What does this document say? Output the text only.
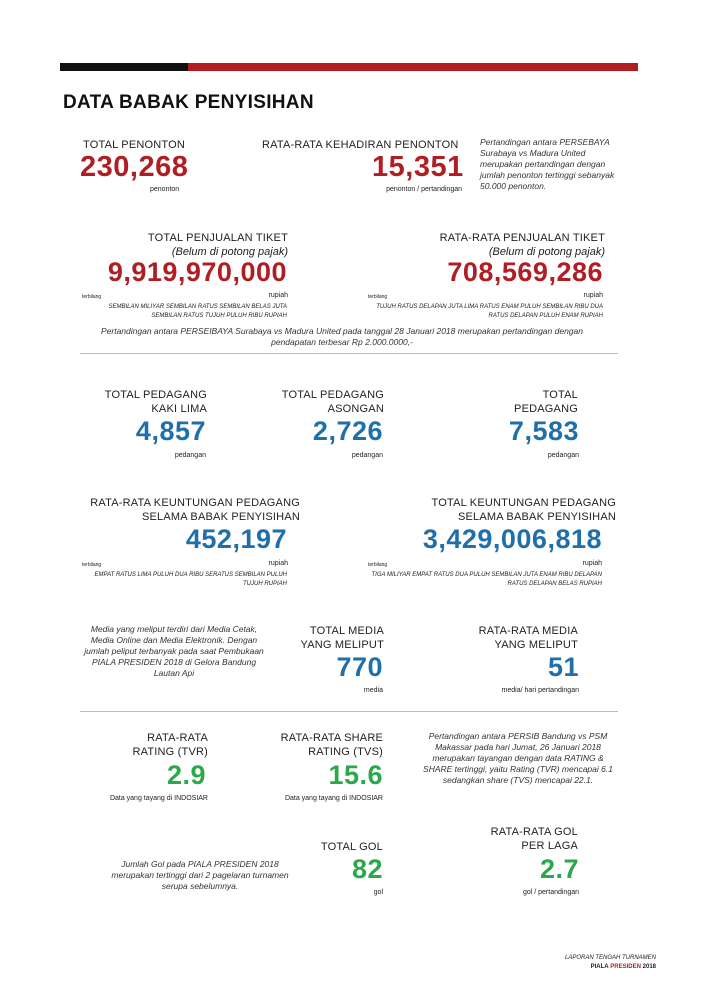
DATA BABAK PENYISIHAN
TOTAL PENONTON
230,268
penonton
RATA-RATA KEHADIRAN PENONTON
15,351
penonton / pertandingan
Pertandingan antara PERSEBAYA Surabaya vs Madura United merupakan pertandingan dengan jumlah penonton tertinggi sebanyak 50.000 penonton.
TOTAL PENJUALAN TIKET
(Belum di potong pajak)
9,919,970,000
rupiah
terbilang
SEMBILAN MILIYAR SEMBILAN RATUS SEMBILAN BELAS JUTA SEMBILAN RATUS TUJUH PULUH RIBU RUPIAH
RATA-RATA PENJUALAN TIKET
(Belum di potong pajak)
708,569,286
rupiah
terbilang
TUJUH RATUS DELAPAN JUTA LIMA RATUS ENAM PULUH SEMBILAN RIBU DUA RATUS DELAPAN PULUH ENAM RUPIAH
Pertandingan antara PERSEIBAYA Surabaya vs Madura United pada tanggal 28 Januari 2018 merupakan pertandingan dengan pendapatan terbesar Rp 2.000.0000,-
TOTAL PEDAGANG KAKI LIMA
4,857
pedangan
TOTAL PEDAGANG ASONGAN
2,726
pedangan
TOTAL PEDAGANG
7,583
pedangan
RATA-RATA KEUNTUNGAN PEDAGANG SELAMA BABAK PENYISIHAN
452,197
rupiah
terbilang
EMPAT RATUS LIMA PULUH DUA RIBU SERATUS SEMBILAN PULUH TUJUH RUPIAH
TOTAL KEUNTUNGAN PEDAGANG SELAMA BABAK PENYISIHAN
3,429,006,818
rupiah
terbilang
TIGA MILIYAR EMPAT RATUS DUA PULUH SEMBILAN JUTA ENAM RIBU DELAPAN RATUS DELAPAN BELAS RUPIAH
Media yang meliput terdiri dari Media Cetak, Media Online dan Media Elektronik. Dengan jumlah peliput terbanyak pada saat Pembukaan PIALA PRESIDEN 2018 di Gelora Bandung Lautan Api
TOTAL MEDIA YANG MELIPUT
770
media
RATA-RATA MEDIA YANG MELIPUT
51
media/ hari pertandingan
RATA-RATA RATING (TVR)
2.9
Data yang tayang di INDOSIAR
RATA-RATA SHARE RATING (TVS)
15.6
Data yang tayang di INDOSIAR
Pertandingan antara PERSIB Bandung vs PSM Makassar pada hari Jumat, 26 Januari 2018 merupakan tayangan dengan data RATING & SHARE tertinggi, yaitu Rating (TVR) mencapai 6.1 sedangkan share (TVS) mencapai 22.1.
Jumlah Gol pada PIALA PRESIDEN 2018 merupakan tertinggi dari 2 pagelaran turnamen serupa sebelumnya.
TOTAL GOL
82
gol
RATA-RATA GOL PER LAGA
2.7
gol / pertandingan
LAPORAN TENGAH TURNAMEN
PIALA PRESIDEN 2018
